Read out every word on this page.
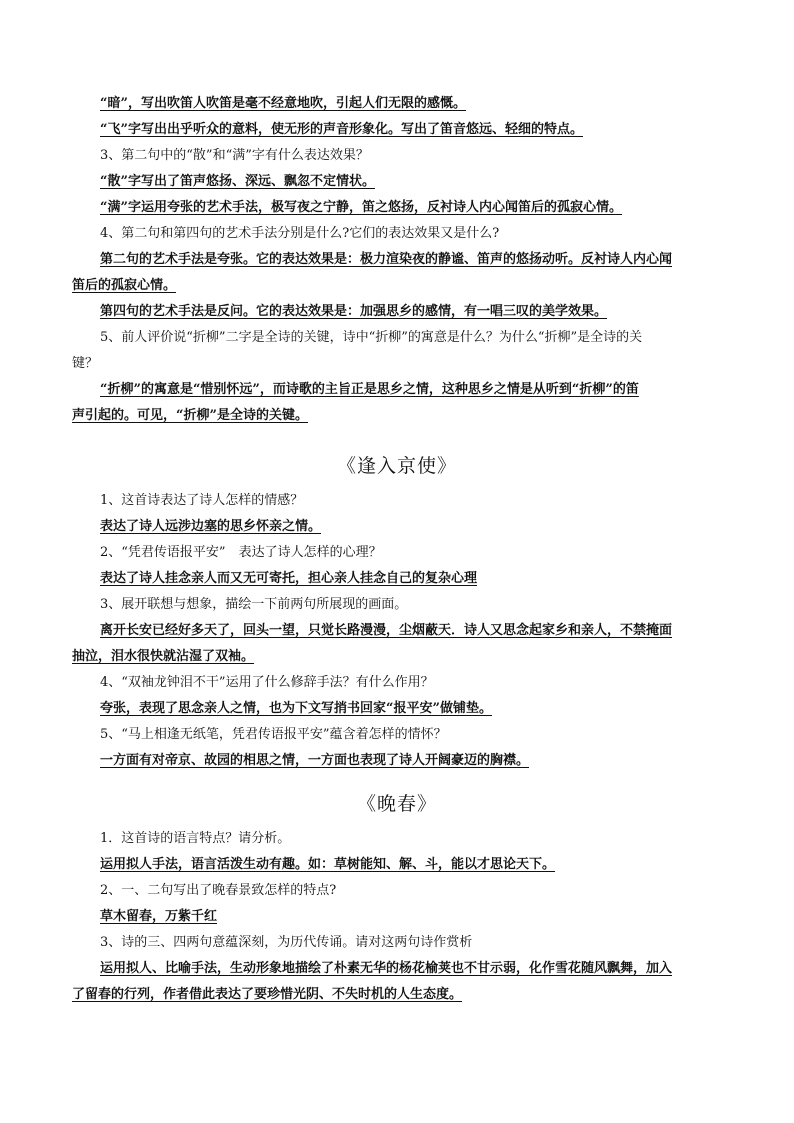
“暗”，写出吹笛人吹笛是毫不经意地吹，引起人们无限的感慨。
“飞”字写出出乎听众的意料，使无形的声音形象化。写出了笛音悠远、轻细的特点。
3、第二句中的“散”和“满”字有什么表达效果？
“散”字写出了笛声悠扬、深远、飘忽不定情状。
“满”字运用夸张的艺术手法，极写夜之宁静，笛之悠扬，反衬诗人内心闻笛后的孤寂心情。
4、第二句和第四句的艺术手法分别是什么?它们的表达效果又是什么?
第二句的艺术手法是夸张。它的表达效果是：极力渲染夜的静谧、笛声的悠扬动听。反衬诗人内心闻
笛后的孤寂心情。
第四句的艺术手法是反问。它的表达效果是：加强思乡的感情，有一唱三叹的美学效果。
5、前人评价说“折柳”二字是全诗的关键，诗中“折柳”的寓意是什么？为什么“折柳”是全诗的关
键？
“折柳”的寓意是“惜别怀远”，而诗歌的主旨正是思乡之情，这种思乡之情是从听到“折柳”的笛
声引起的。可见，“折柳”是全诗的关键。
《逢入京使》
1、这首诗表达了诗人怎样的情感？
表达了诗人远涉边塞的思乡怀亲之情。
2、“凭君传语报平安”　表达了诗人怎样的心理？
表达了诗人挂念亲人而又无可寄托，担心亲人挂念自己的复杂心理
3、展开联想与想象，描绘一下前两句所展现的画面。
离开长安已经好多天了，回头一望，只觉长路漫漫，尘烟蔽天．诗人又思念起家乡和亲人，不禁掩面
抽泣，泪水很快就沾湿了双袖。
4、“双袖龙钟泪不干”运用了什么修辞手法？有什么作用？
夸张，表现了思念亲人之情，也为下文写捎书回家“报平安”做铺垫。
5、“马上相逢无纸笔，凭君传语报平安”蕴含着怎样的情怀？
一方面有对帝京、故园的相思之情，一方面也表现了诗人开阔豪迈的胸襟。
《晚春》
1．这首诗的语言特点？请分析。
运用拟人手法，语言活泼生动有趣。如：草树能知、解、斗，能以才思论天下。
2、一、二句写出了晚春景致怎样的特点?
草木留春，万紫千红
3、诗的三、四两句意蕴深刻，为历代传诵。请对这两句诗作赏析
运用拟人、比喻手法，生动形象地描绘了朴素无华的杨花榆荚也不甘示弱，化作雪花随风飘舞，加入
了留春的行列，作者借此表达了要珍惜光阴、不失时机的人生态度。
